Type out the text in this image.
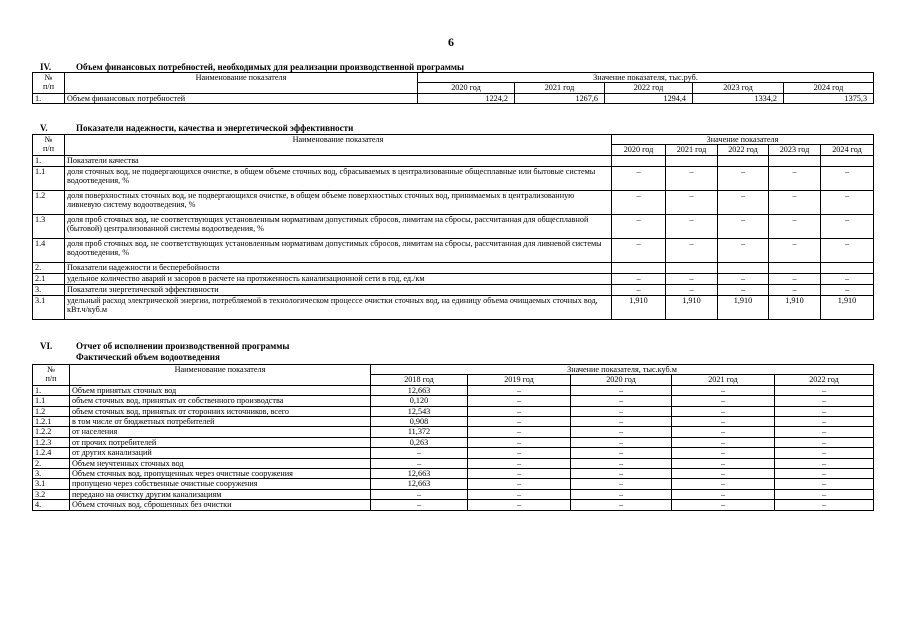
6
IV.	Объем финансовых потребностей, необходимых для реализации производственной программы
№
п/п	Наименование показателя	Значение показателя, тыс.руб.				
		2020 год	2021 год	2022 год	2023 год	2024 год
1.	Объем финансовых потребностей	1224,2	1267,6	1294,4	1334,2	1375,3
V.	Показатели надежности, качества и энергетической эффективности
№
п/п	Наименование показателя	Значение показателя				
		2020 год	2021 год	2022 год	2023 год	2024 год
1.	Показатели качества					
1.1	доля сточных вод, не подвергающихся очистке, в общем объеме сточных вод, сбрасываемых в централизованные общесплавные или бытовые системы водоотведения, %	–	–	–	–	–
1.2	доля поверхностных сточных вод, не подвергающихся очистке, в общем объеме поверхностных сточных вод, принимаемых в централизованную ливневую систему водоотведения, %	–	–	–	–	–
1.3	доля проб сточных вод, не соответствующих установленным нормативам допустимых сбросов, лимитам на сбросы, рассчитанная для общесплавной (бытовой) централизованной системы водоотведения, %	–	–	–	–	–
1.4	доля проб сточных вод, не соответствующих установленным нормативам допустимых сбросов, лимитам на сбросы, рассчитанная для ливневой системы водоотведения, %	–	–	–	–	–
2.	Показатели надежности и бесперебойности					
2.1	удельное количество аварий и засоров в расчете на протяженность канализационной сети в год, ед./км	–	–	–	–	–
3.	Показатели энергетической эффективности	–	–	–	–	–
3.1	удельный расход электрической энергии, потребляемой в технологическом процессе очистки сточных вод, на единицу объема очищаемых сточных вод, кВт.ч/куб.м	1,910	1,910	1,910	1,910	1,910
VI.	Отчет об исполнении производственной программы
Фактический объем водоотведения
№
п/п	Наименование показателя	Значение показателя, тыс.куб.м				
		2018 год	2019 год	2020 год	2021 год	2022 год
1.	Объем принятых сточных вод	12,663	–	–	–	–
1.1	объем сточных вод, принятых от собственного производства	0,120	–	–	–	–
1.2	объем сточных вод, принятых от сторонних источников, всего	12,543	–	–	–	–
1.2.1	в том числе от бюджетных потребителей	0,908	–	–	–	–
1.2.2	от населения	11,372	–	–	–	–
1.2.3	от прочих потребителей	0,263	–	–	–	–
1.2.4	от других канализаций	–	–	–	–	–
2.	Объем неучтенных сточных вод	–	–	–	–	–
3.	Объем сточных вод, пропущенных через очистные сооружения	12,663	–	–	–	–
3.1	пропущено через собственные очистные сооружения	12,663	–	–	–	–
3.2	передано на очистку другим канализациям	–	–	–	–	–
4.	Объем сточных вод, сброшенных без очистки	–	–	–	–	–
